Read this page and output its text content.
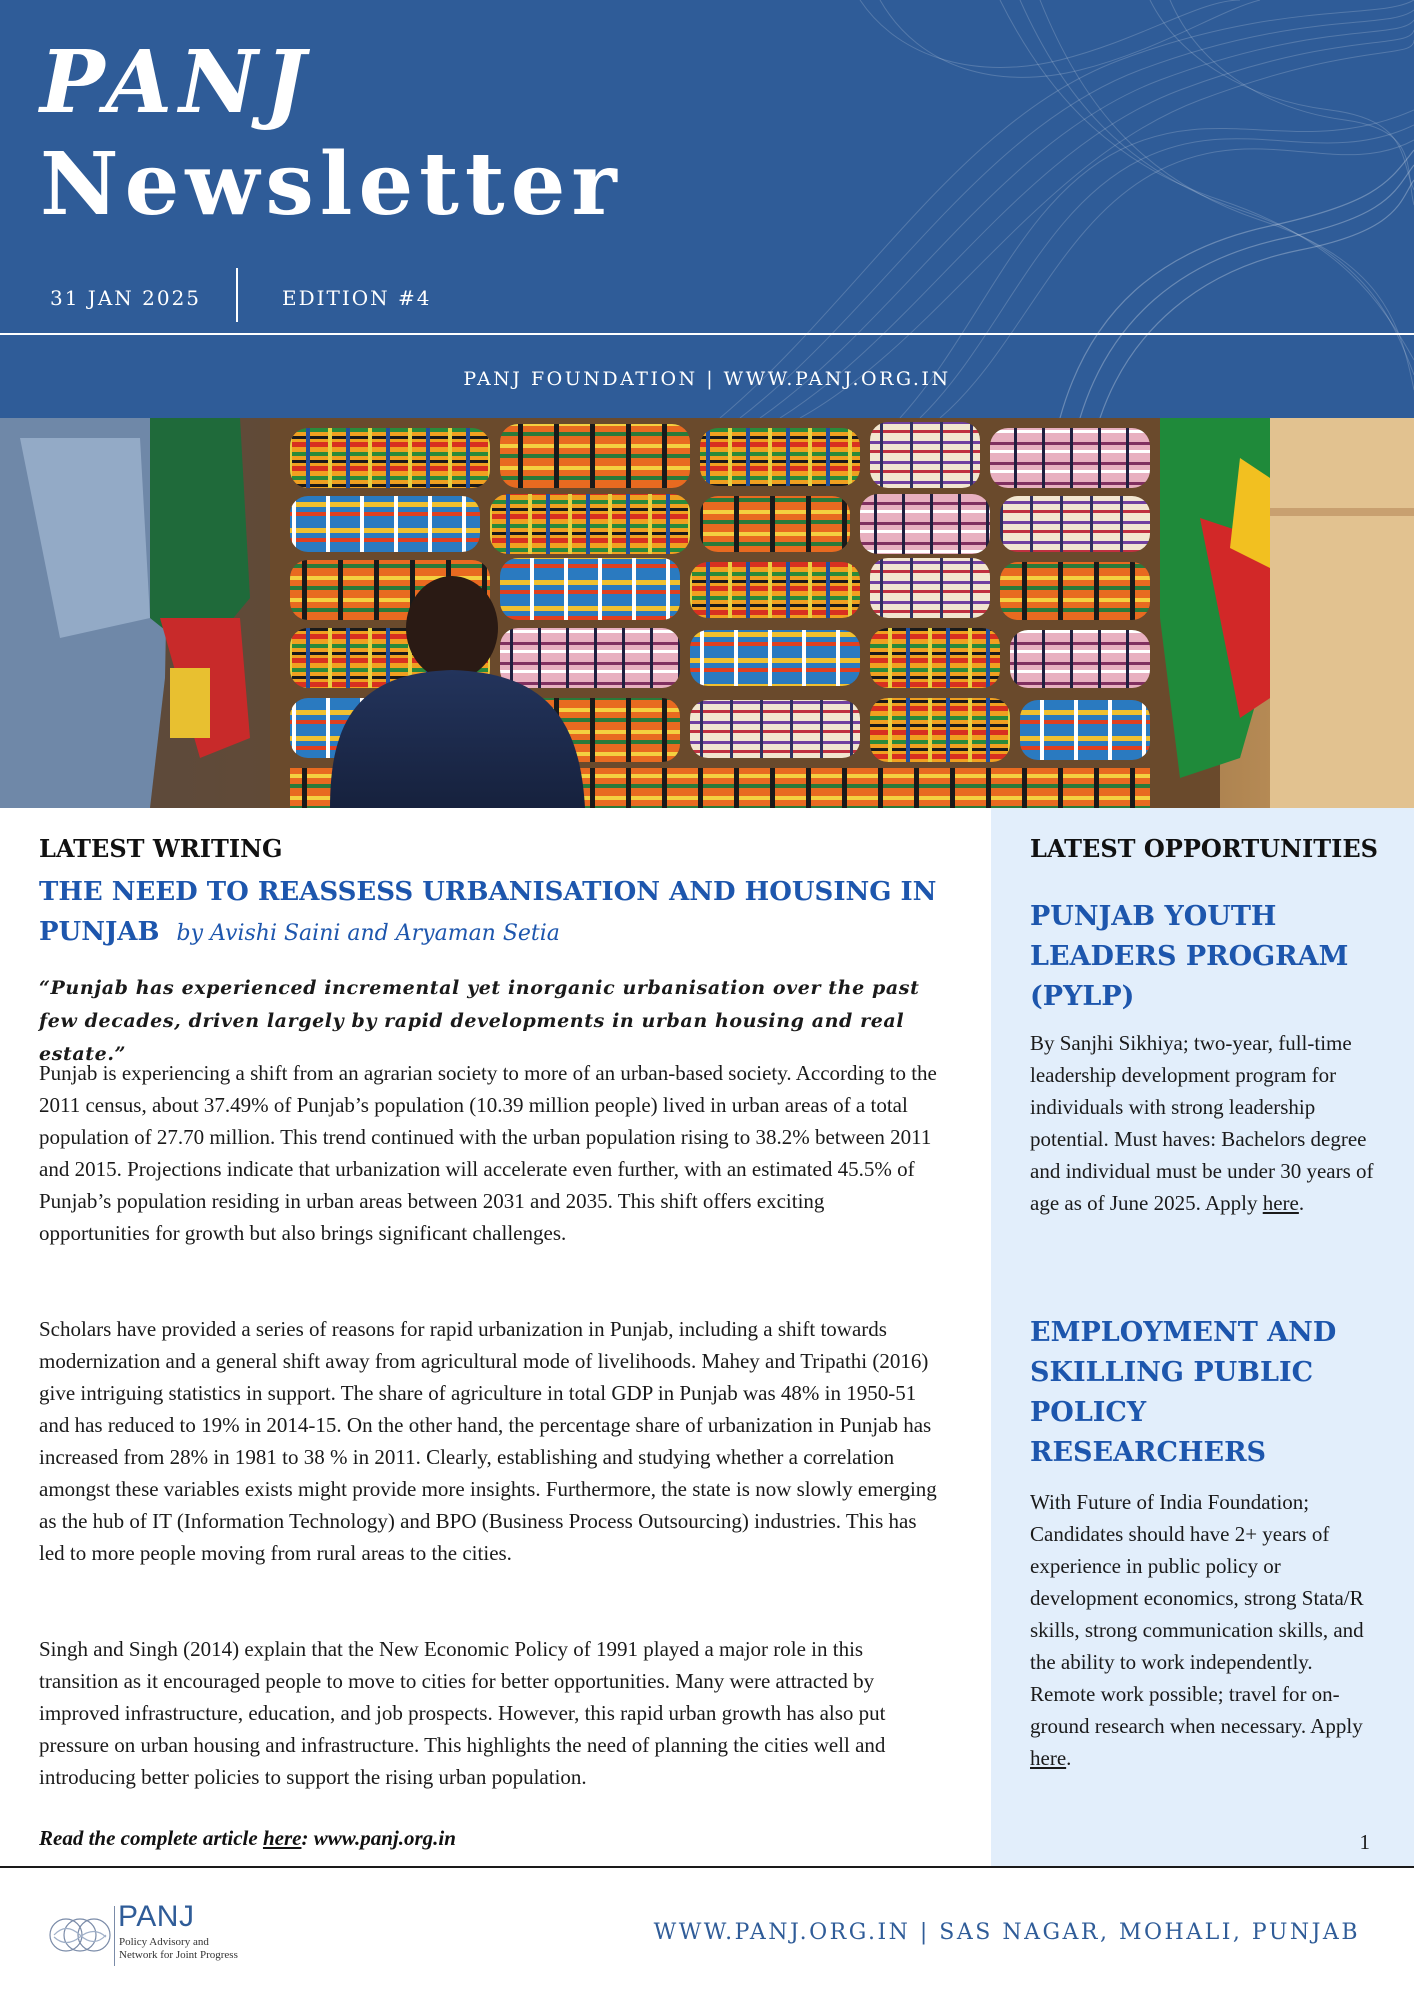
PANJ
Newsletter
31 JAN 2025	EDITION #4
PANJ FOUNDATION | WWW.PANJ.ORG.IN
LATEST OPPORTUNITIES
PUNJAB YOUTH LEADERS PROGRAM (PYLP)
By Sanjhi Sikhiya; two-year, full-time leadership development program for individuals with strong leadership potential. Must haves: Bachelors degree and individual must be under 30 years of age as of June 2025. Apply here.
EMPLOYMENT AND SKILLING PUBLIC POLICY RESEARCHERS
With Future of India Foundation; Candidates should have 2+ years of experience in public policy or development economics, strong Stata/R skills, strong communication skills, and the ability to work independently. Remote work possible; travel for on-ground research when necessary. Apply here.
1
LATEST WRITING
THE NEED TO REASSESS URBANISATION AND HOUSING IN PUNJAB by Avishi Saini and Aryaman Setia
“Punjab has experienced incremental yet inorganic urbanisation over the past few decades, driven largely by rapid developments in urban housing and real estate.”
Punjab is experiencing a shift from an agrarian society to more of an urban-based society. According to the 2011 census, about 37.49% of Punjab’s population (10.39 million people) lived in urban areas of a total population of 27.70 million. This trend continued with the urban population rising to 38.2% between 2011 and 2015. Projections indicate that urbanization will accelerate even further, with an estimated 45.5% of Punjab’s population residing in urban areas between 2031 and 2035. This shift offers exciting opportunities for growth but also brings significant challenges.
Scholars have provided a series of reasons for rapid urbanization in Punjab, including a shift towards modernization and a general shift away from agricultural mode of livelihoods. Mahey and Tripathi (2016) give intriguing statistics in support. The share of agriculture in total GDP in Punjab was 48% in 1950-51 and has reduced to 19% in 2014-15. On the other hand, the percentage share of urbanization in Punjab has increased from 28% in 1981 to 38 % in 2011. Clearly, establishing and studying whether a correlation amongst these variables exists might provide more insights. Furthermore, the state is now slowly emerging as the hub of IT (Information Technology) and BPO (Business Process Outsourcing) industries. This has led to more people moving from rural areas to the cities.
Singh and Singh (2014) explain that the New Economic Policy of 1991 played a major role in this transition as it encouraged people to move to cities for better opportunities. Many were attracted by improved infrastructure, education, and job prospects. However, this rapid urban growth has also put pressure on urban housing and infrastructure. This highlights the need of planning the cities well and introducing better policies to support the rising urban population.
Read the complete article here: www.panj.org.in
PANJ
Policy Advisory and
Network for Joint Progress
WWW.PANJ.ORG.IN | SAS NAGAR, MOHALI, PUNJAB
